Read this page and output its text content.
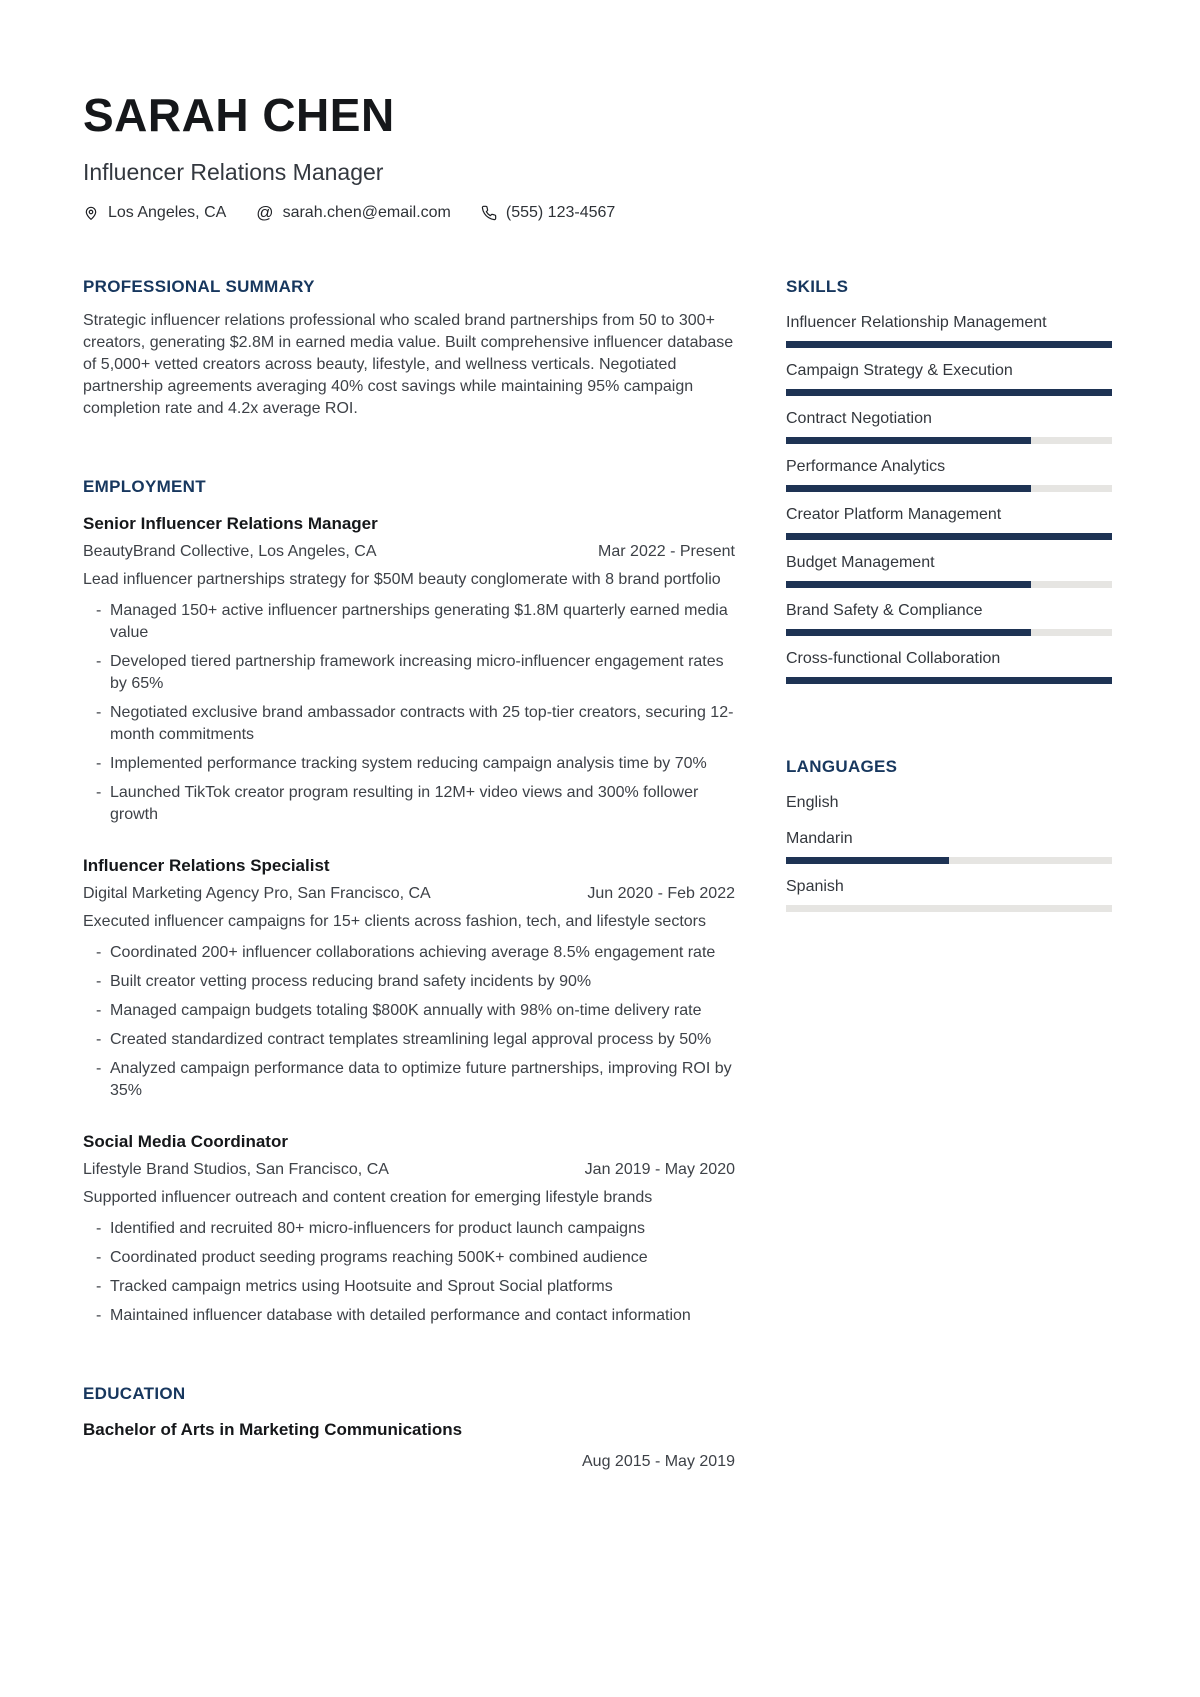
SARAH CHEN
Influencer Relations Manager
Los Angeles, CA @ sarah.chen@email.com	(555) 123-4567
PROFESSIONAL SUMMARY
Strategic influencer relations professional who scaled brand partnerships from 50 to 300+ creators, generating $2.8M in earned media value. Built comprehensive influencer database of 5,000+ vetted creators across beauty, lifestyle, and wellness verticals. Negotiated partnership agreements averaging 40% cost savings while maintaining 95% campaign completion rate and 4.2x average ROI.
EMPLOYMENT
Senior Influencer Relations Manager
BeautyBrand Collective, Los Angeles, CA	Mar 2022 - Present
Lead influencer partnerships strategy for $50M beauty conglomerate with 8 brand portfolio
- Managed 150+ active influencer partnerships generating $1.8M quarterly earned media value
- Developed tiered partnership framework increasing micro-influencer engagement rates by 65%
- Negotiated exclusive brand ambassador contracts with 25 top-tier creators, securing 12-month commitments
- Implemented performance tracking system reducing campaign analysis time by 70%
- Launched TikTok creator program resulting in 12M+ video views and 300% follower growth
Influencer Relations Specialist
Digital Marketing Agency Pro, San Francisco, CA	Jun 2020 - Feb 2022
Executed influencer campaigns for 15+ clients across fashion, tech, and lifestyle sectors
- Coordinated 200+ influencer collaborations achieving average 8.5% engagement rate
- Built creator vetting process reducing brand safety incidents by 90%
- Managed campaign budgets totaling $800K annually with 98% on-time delivery rate
- Created standardized contract templates streamlining legal approval process by 50%
- Analyzed campaign performance data to optimize future partnerships, improving ROI by 35%
Social Media Coordinator
Lifestyle Brand Studios, San Francisco, CA	Jan 2019 - May 2020
Supported influencer outreach and content creation for emerging lifestyle brands
- Identified and recruited 80+ micro-influencers for product launch campaigns
- Coordinated product seeding programs reaching 500K+ combined audience
- Tracked campaign metrics using Hootsuite and Sprout Social platforms
- Maintained influencer database with detailed performance and contact information
EDUCATION
Bachelor of Arts in Marketing Communications
Aug 2015 - May 2019
SKILLS
Influencer Relationship Management
Campaign Strategy & Execution
Contract Negotiation
Performance Analytics
Creator Platform Management
Budget Management
Brand Safety & Compliance
Cross-functional Collaboration
LANGUAGES
English
Mandarin
Spanish
